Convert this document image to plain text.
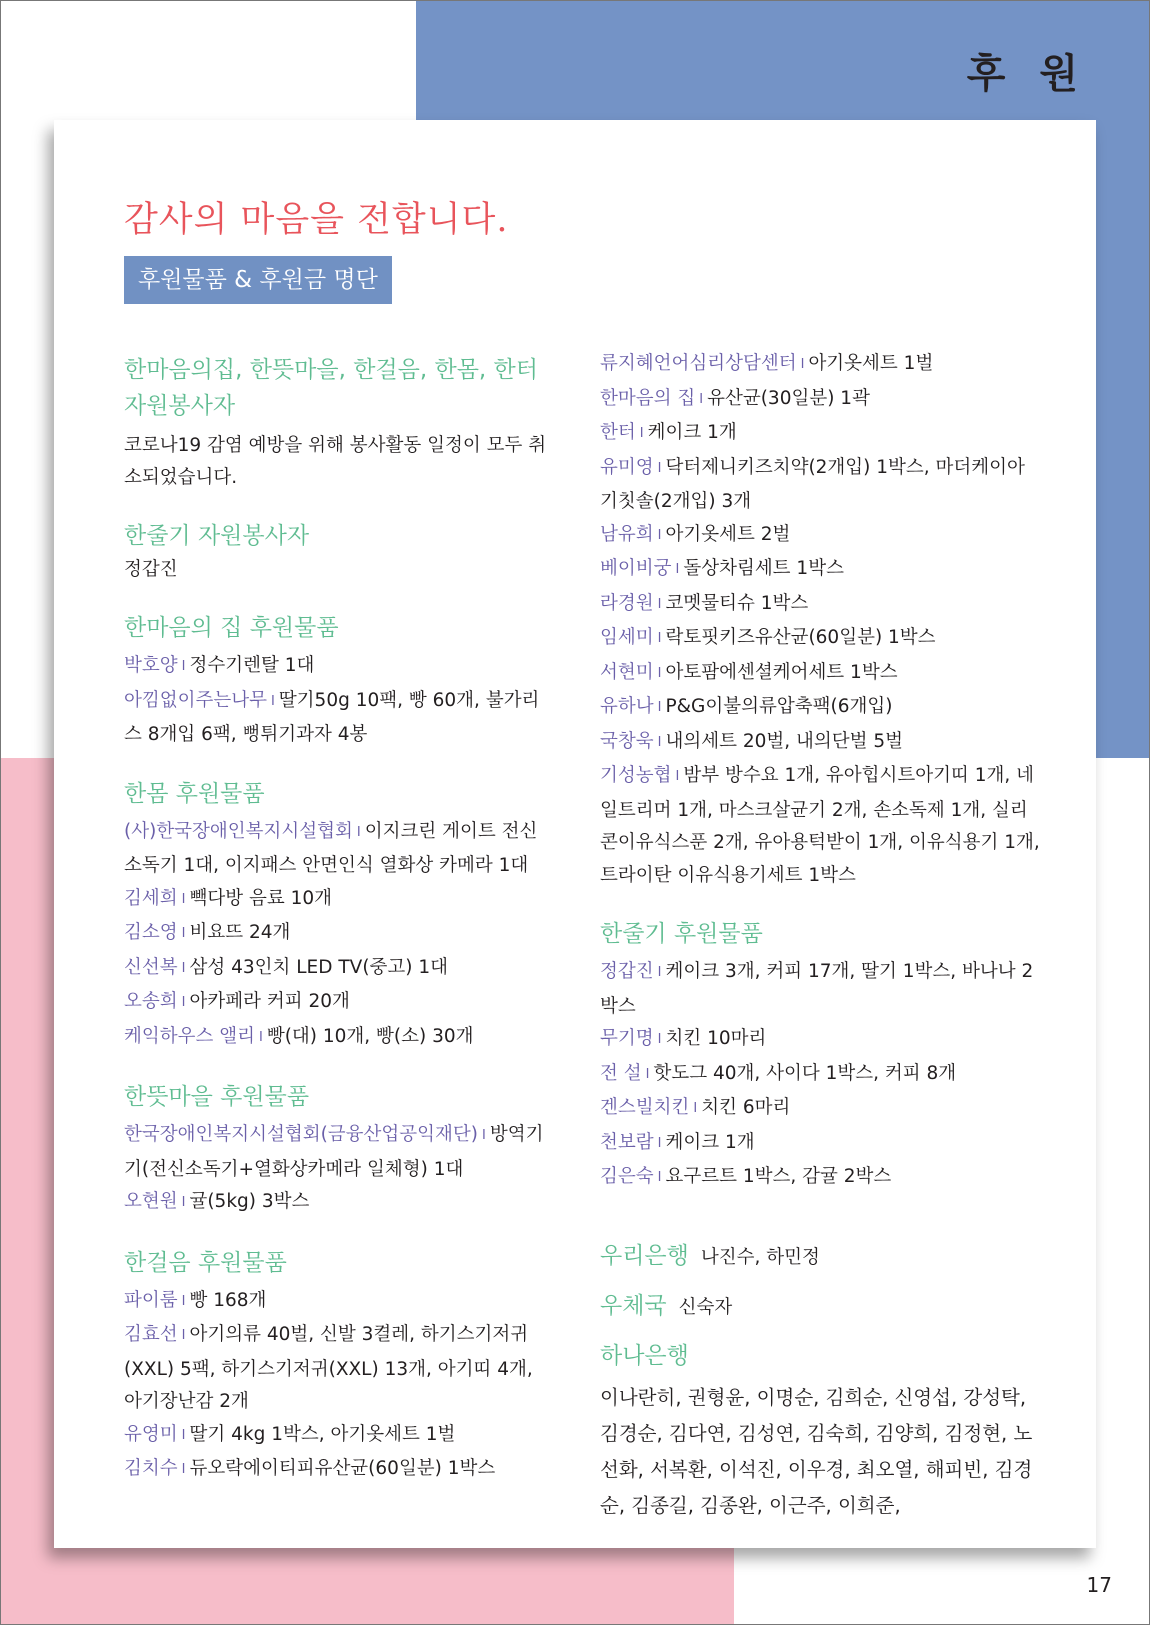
후 원
17
감사의 마음을 전합니다.
후원물품 & 후원금 명단
한마음의집, 한뜻마을, 한걸음, 한몸, 한터 자원봉사자
코로나19 감염 예방을 위해 봉사활동 일정이 모두 취소되었습니다.
한줄기 자원봉사자
정갑진
한마음의 집 후원물품
박호양 I 정수기렌탈 1대
아낌없이주는나무 I 딸기50g 10팩, 빵 60개, 불가리스 8개입 6팩, 뻥튀기과자 4봉
한몸 후원물품
(사)한국장애인복지시설협회 I 이지크린 게이트 전신소독기 1대, 이지패스 안면인식 열화상 카메라 1대
김세희 I 빽다방 음료 10개
김소영 I 비요뜨 24개
신선복 I 삼성 43인치 LED TV(중고) 1대
오송희 I 아카페라 커피 20개
케익하우스 앨리 I 빵(대) 10개, 빵(소) 30개
한뜻마을 후원물품
한국장애인복지시설협회(금융산업공익재단) I 방역기기(전신소독기+열화상카메라 일체형) 1대
오현원 I 귤(5kg) 3박스
한걸음 후원물품
파이룸 I 빵 168개
김효선 I 아기의류 40벌, 신발 3켤레, 하기스기저귀(XXL) 5팩, 하기스기저귀(XXL) 13개, 아기띠 4개, 아기장난감 2개
유영미 I 딸기 4kg 1박스, 아기옷세트 1벌
김치수 I 듀오락에이티피유산균(60일분) 1박스
류지혜언어심리상담센터 I 아기옷세트 1벌
한마음의 집 I 유산균(30일분) 1곽
한터 I 케이크 1개
유미영 I 닥터제니키즈치약(2개입) 1박스, 마더케이아기칫솔(2개입) 3개
남유희 I 아기옷세트 2벌
베이비궁 I 돌상차림세트 1박스
라경원 I 코멧물티슈 1박스
임세미 I 락토핏키즈유산균(60일분) 1박스
서현미 I 아토팜에센셜케어세트 1박스
유하나 I P&G이불의류압축팩(6개입)
국창욱 I 내의세트 20벌, 내의단벌 5벌
기성농협 I 밤부 방수요 1개, 유아힙시트아기띠 1개, 네일트리머 1개, 마스크살균기 2개, 손소독제 1개, 실리콘이유식스푼 2개, 유아용턱받이 1개, 이유식용기 1개, 트라이탄 이유식용기세트 1박스
한줄기 후원물품
정갑진 I 케이크 3개, 커피 17개, 딸기 1박스, 바나나 2박스
무기명 I 치킨 10마리
전 설 I 핫도그 40개, 사이다 1박스, 커피 8개
겐스빌치킨 I 치킨 6마리
천보람 I 케이크 1개
김은숙 I 요구르트 1박스, 감귤 2박스
우리은행 나진수, 하민정
우체국 신숙자
하나은행
이나란히, 권형윤, 이명순, 김희순, 신영섭, 강성탁, 김경순, 김다연, 김성연, 김숙희, 김양희, 김정현, 노선화, 서복환, 이석진, 이우경, 최오열, 해피빈, 김경순, 김종길, 김종완, 이근주, 이희준,
